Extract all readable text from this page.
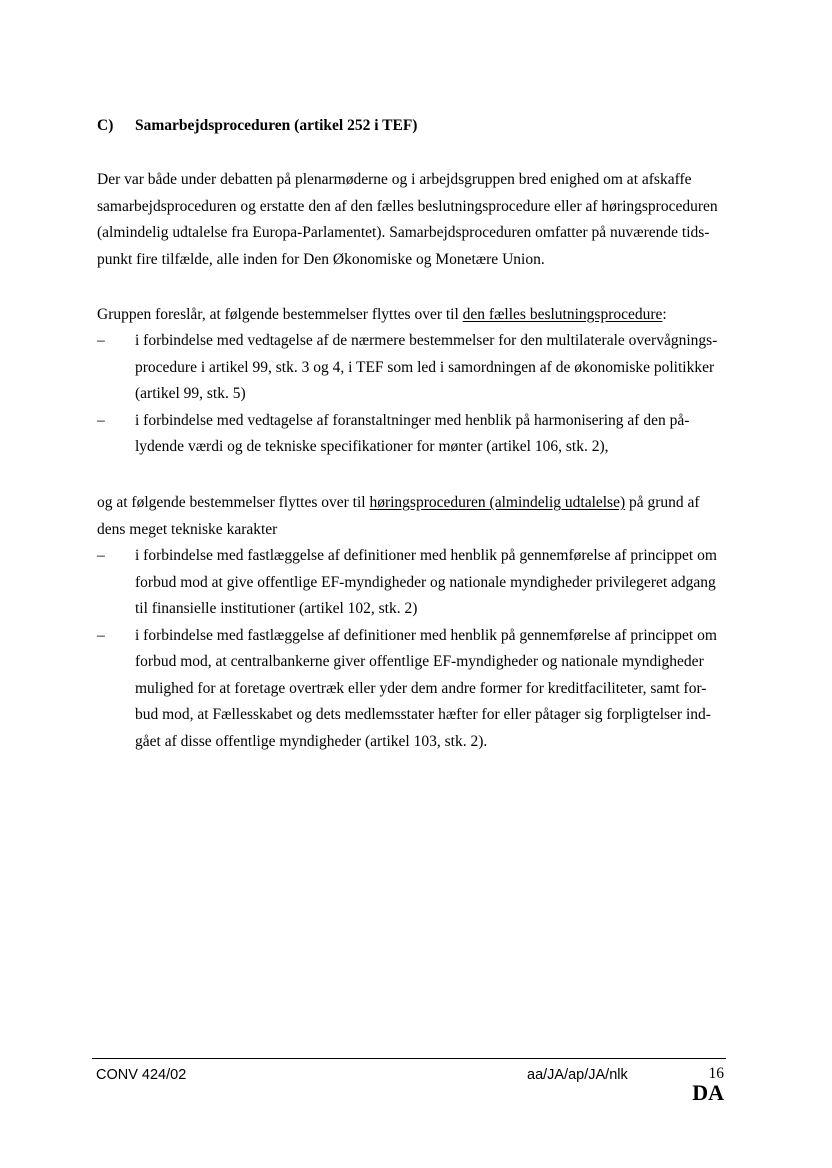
C) Samarbejdsproceduren (artikel 252 i TEF)

Der var både under debatten på plenarmøderne og i arbejdsgruppen bred enighed om at afskaffe
samarbejdsproceduren og erstatte den af den fælles beslutningsprocedure eller af høringsproceduren
(almindelig udtalelse fra Europa-Parlamentet). Samarbejdsproceduren omfatter på nuværende tids-
punkt fire tilfælde, alle inden for Den Økonomiske og Monetære Union.

Gruppen foreslår, at følgende bestemmelser flyttes over til den fælles beslutningsprocedure:

– i forbindelse med vedtagelse af de nærmere bestemmelser for den multilaterale overvågnings-
procedure i artikel 99, stk. 3 og 4, i TEF som led i samordningen af de økonomiske politikker
(artikel 99, stk. 5)
– i forbindelse med vedtagelse af foranstaltninger med henblik på harmonisering af den på-
lydende værdi og de tekniske specifikationer for mønter (artikel 106, stk. 2),

og at følgende bestemmelser flyttes over til høringsproceduren (almindelig udtalelse) på grund af
dens meget tekniske karakter

– i forbindelse med fastlæggelse af definitioner med henblik på gennemførelse af princippet om
forbud mod at give offentlige EF-myndigheder og nationale myndigheder privilegeret adgang
til finansielle institutioner (artikel 102, stk. 2)
– i forbindelse med fastlæggelse af definitioner med henblik på gennemførelse af princippet om
forbud mod, at centralbankerne giver offentlige EF-myndigheder og nationale myndigheder
mulighed for at foretage overtræk eller yder dem andre former for kreditfaciliteter, samt for-
bud mod, at Fællesskabet og dets medlemsstater hæfter for eller påtager sig forpligtelser ind-
gået af disse offentlige myndigheder (artikel 103, stk. 2).
CONV 424/02	aa/JA/ap/JA/nlk	16
DA
